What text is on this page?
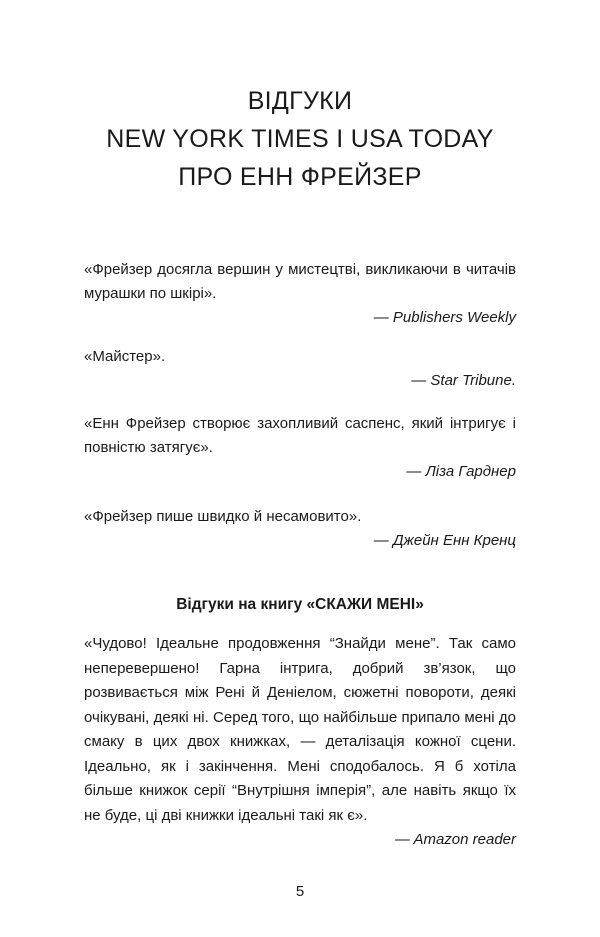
ВІДГУКИ
NEW YORK TIMES І USA TODAY
ПРО ЕНН ФРЕЙЗЕР
«Фрейзер досягла вершин у мистецтві, викликаючи в читачів мурашки по шкірі».
— Publishers Weekly
«Майстер».
— Star Tribune.
«Енн Фрейзер створює захопливий саспенс, який інтригує і повністю затягує».
— Ліза Гарднер
«Фрейзер пише швидко й несамовито».
— Джейн Енн Кренц
Відгуки на книгу «СКАЖИ МЕНІ»
«Чудово! Ідеальне продовження “Знайди мене”. Так само неперевершено! Гарна інтрига, добрий зв’язок, що розвивається між Рені й Деніелом, сюжетні повороти, деякі очікувані, деякі ні. Серед того, що найбільше припало мені до смаку в цих двох книжках, — деталізація кожної сцени. Ідеально, як і закінчення. Мені сподобалось. Я б хотіла більше книжок серії “Внутрішня імперія”, але навіть якщо їх не буде, ці дві книжки ідеальні такі як є».
— Amazon reader
5
